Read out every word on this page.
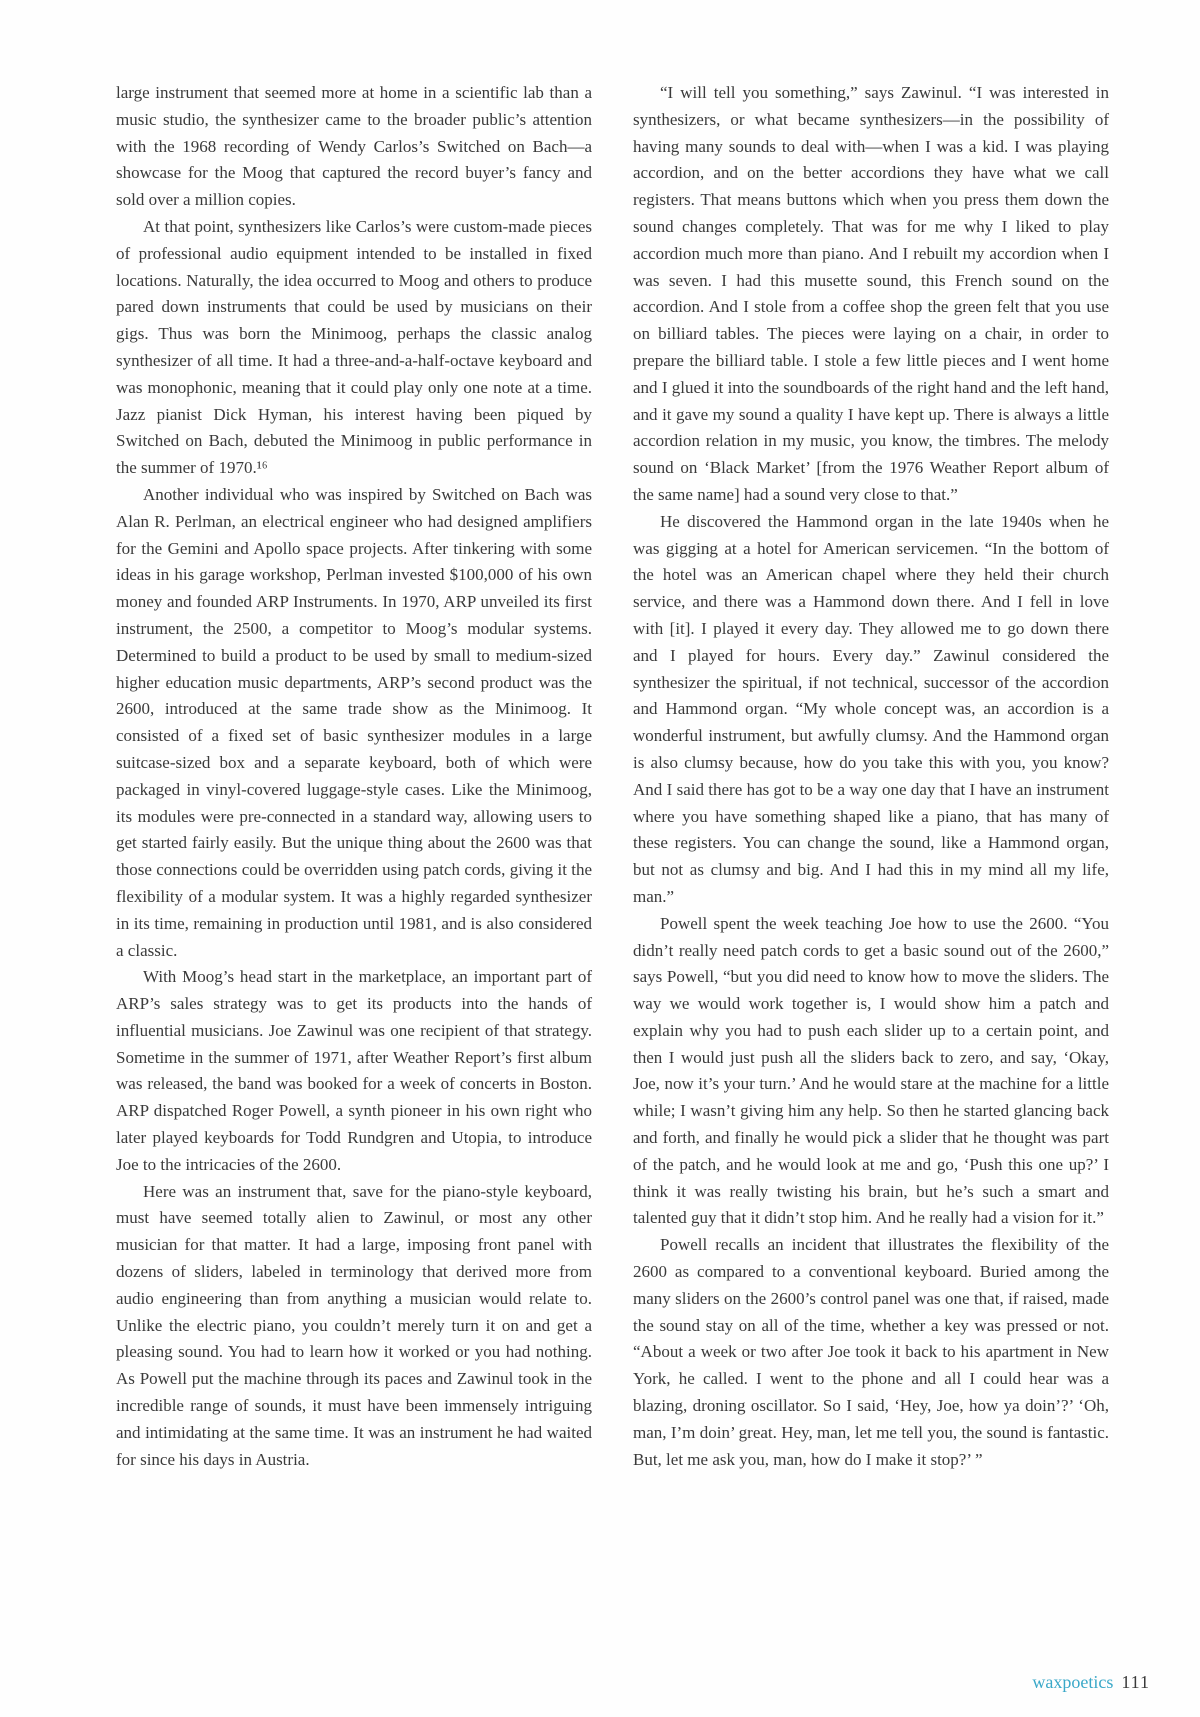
large instrument that seemed more at home in a scientific lab than a music studio, the synthesizer came to the broader public’s attention with the 1968 recording of Wendy Carlos’s Switched on Bach—a showcase for the Moog that captured the record buyer’s fancy and sold over a million copies.

At that point, synthesizers like Carlos’s were custom-made pieces of professional audio equipment intended to be installed in fixed locations. Naturally, the idea occurred to Moog and others to produce pared down instruments that could be used by musicians on their gigs. Thus was born the Minimoog, perhaps the classic analog synthesizer of all time. It had a three-and-a-half-octave keyboard and was monophonic, meaning that it could play only one note at a time. Jazz pianist Dick Hyman, his interest having been piqued by Switched on Bach, debuted the Minimoog in public performance in the summer of 1970.¹⁶

Another individual who was inspired by Switched on Bach was Alan R. Perlman, an electrical engineer who had designed amplifiers for the Gemini and Apollo space projects. After tinkering with some ideas in his garage workshop, Perlman invested $100,000 of his own money and founded ARP Instruments. In 1970, ARP unveiled its first instrument, the 2500, a competitor to Moog’s modular systems. Determined to build a product to be used by small to medium-sized higher education music departments, ARP’s second product was the 2600, introduced at the same trade show as the Minimoog. It consisted of a fixed set of basic synthesizer modules in a large suitcase-sized box and a separate keyboard, both of which were packaged in vinyl-covered luggage-style cases. Like the Minimoog, its modules were pre-connected in a standard way, allowing users to get started fairly easily. But the unique thing about the 2600 was that those connections could be overridden using patch cords, giving it the flexibility of a modular system. It was a highly regarded synthesizer in its time, remaining in production until 1981, and is also considered a classic.

With Moog’s head start in the marketplace, an important part of ARP’s sales strategy was to get its products into the hands of influential musicians. Joe Zawinul was one recipient of that strategy. Sometime in the summer of 1971, after Weather Report’s first album was released, the band was booked for a week of concerts in Boston. ARP dispatched Roger Powell, a synth pioneer in his own right who later played keyboards for Todd Rundgren and Utopia, to introduce Joe to the intricacies of the 2600.

Here was an instrument that, save for the piano-style keyboard, must have seemed totally alien to Zawinul, or most any other musician for that matter. It had a large, imposing front panel with dozens of sliders, labeled in terminology that derived more from audio engineering than from anything a musician would relate to. Unlike the electric piano, you couldn’t merely turn it on and get a pleasing sound. You had to learn how it worked or you had nothing. As Powell put the machine through its paces and Zawinul took in the incredible range of sounds, it must have been immensely intriguing and intimidating at the same time. It was an instrument he had waited for since his days in Austria.

“I will tell you something,” says Zawinul. “I was interested in synthesizers, or what became synthesizers—in the possibility of having many sounds to deal with—when I was a kid. I was playing accordion, and on the better accordions they have what we call registers. That means buttons which when you press them down the sound changes completely. That was for me why I liked to play accordion much more than piano. And I rebuilt my accordion when I was seven. I had this musette sound, this French sound on the accordion. And I stole from a coffee shop the green felt that you use on billiard tables. The pieces were laying on a chair, in order to prepare the billiard table. I stole a few little pieces and I went home and I glued it into the soundboards of the right hand and the left hand, and it gave my sound a quality I have kept up. There is always a little accordion relation in my music, you know, the timbres. The melody sound on ‘Black Market’ [from the 1976 Weather Report album of the same name] had a sound very close to that.”

He discovered the Hammond organ in the late 1940s when he was gigging at a hotel for American servicemen. “In the bottom of the hotel was an American chapel where they held their church service, and there was a Hammond down there. And I fell in love with [it]. I played it every day. They allowed me to go down there and I played for hours. Every day.” Zawinul considered the synthesizer the spiritual, if not technical, successor of the accordion and Hammond organ. “My whole concept was, an accordion is a wonderful instrument, but awfully clumsy. And the Hammond organ is also clumsy because, how do you take this with you, you know? And I said there has got to be a way one day that I have an instrument where you have something shaped like a piano, that has many of these registers. You can change the sound, like a Hammond organ, but not as clumsy and big. And I had this in my mind all my life, man.”

Powell spent the week teaching Joe how to use the 2600. “You didn’t really need patch cords to get a basic sound out of the 2600,” says Powell, “but you did need to know how to move the sliders. The way we would work together is, I would show him a patch and explain why you had to push each slider up to a certain point, and then I would just push all the sliders back to zero, and say, ‘Okay, Joe, now it’s your turn.’ And he would stare at the machine for a little while; I wasn’t giving him any help. So then he started glancing back and forth, and finally he would pick a slider that he thought was part of the patch, and he would look at me and go, ‘Push this one up?’ I think it was really twisting his brain, but he’s such a smart and talented guy that it didn’t stop him. And he really had a vision for it.”

Powell recalls an incident that illustrates the flexibility of the 2600 as compared to a conventional keyboard. Buried among the many sliders on the 2600’s control panel was one that, if raised, made the sound stay on all of the time, whether a key was pressed or not. “About a week or two after Joe took it back to his apartment in New York, he called. I went to the phone and all I could hear was a blazing, droning oscillator. So I said, ‘Hey, Joe, how ya doin’?’ ‘Oh, man, I’m doin’ great. Hey, man, let me tell you, the sound is fantastic. But, let me ask you, man, how do I make it stop?’ ”

waxpoetics 111
